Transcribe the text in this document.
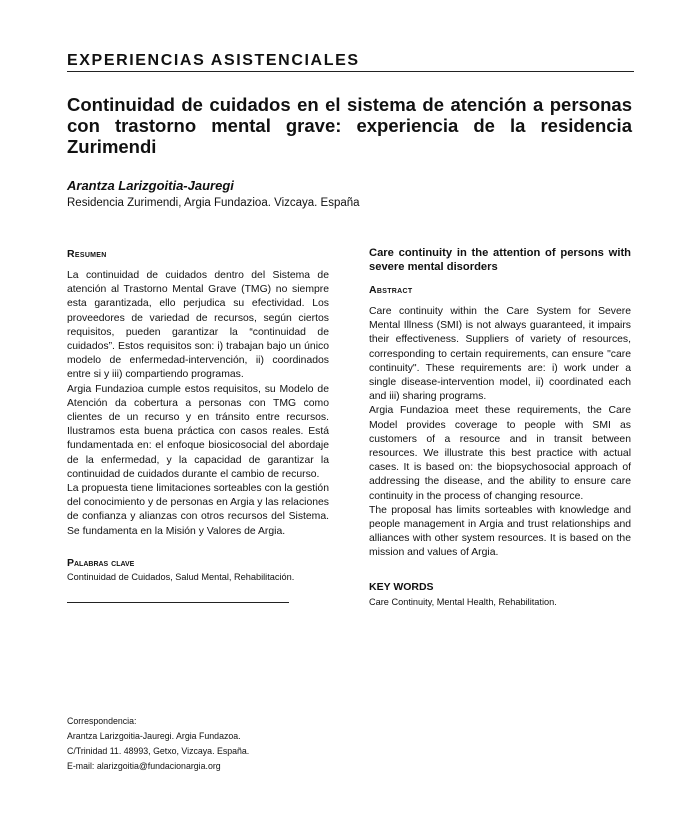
EXPERIENCIAS ASISTENCIALES
Continuidad de cuidados en el sistema de atención a personas con trastorno mental grave: experiencia de la residencia Zurimendi
Arantza Larizgoitia-Jauregi
Residencia Zurimendi, Argia Fundazioa. Vizcaya. España
Resumen

La continuidad de cuidados dentro del Sistema de atención al Trastorno Mental Grave (TMG) no siempre esta garantizada, ello perjudica su efectividad. Los proveedores de variedad de recursos, según ciertos requisitos, pueden garantizar la “continuidad de cuidados”. Estos requisitos son: i) trabajan bajo un único modelo de enfermedad-intervención, ii) coordinados entre si y iii) compartiendo programas.

Argia Fundazioa cumple estos requisitos, su Modelo de Atención da cobertura a personas con TMG como clientes de un recurso y en tránsito entre recursos. Ilustramos esta buena práctica con casos reales. Está fundamentada en: el enfoque biosicosocial del abordaje de la enfermedad, y la capacidad de garantizar la continuidad de cuidados durante el cambio de recurso.

La propuesta tiene limitaciones sorteables con la gestión del conocimiento y de personas en Argia y las relaciones de confianza y alianzas con otros recursos del Sistema. Se fundamenta en la Misión y Valores de Argia.

Palabras clave
Continuidad de Cuidados, Salud Mental, Rehabilitación.
Care continuity in the attention of persons with severe mental disorders
Abstract

Care continuity within the Care System for Severe Mental Illness (SMI) is not always guaranteed, it impairs their effectiveness. Suppliers of variety of resources, corresponding to certain requirements, can ensure "care continuity". These requirements are: i) work under a single disease-intervention model, ii) coordinated each and iii) sharing programs.

Argia Fundazioa meet these requirements, the Care Model provides coverage to people with SMI as customers of a resource and in transit between resources. We illustrate this best practice with actual cases. It is based on: the biopsychosocial approach of addressing the disease, and the ability to ensure care continuity in the process of changing resource.

The proposal has limits sorteables with knowledge and people management in Argia and trust relationships and alliances with other system resources. It is based on the mission and values of Argia.

KEY WORDS
Care Continuity, Mental Health, Rehabilitation.
Correspondencia:
Arantza Larizgoitia-Jauregi. Argia Fundazoa.
C/Trinidad 11. 48993, Getxo, Vizcaya. España.
E-mail: alarizgoitia@fundacionargia.org
